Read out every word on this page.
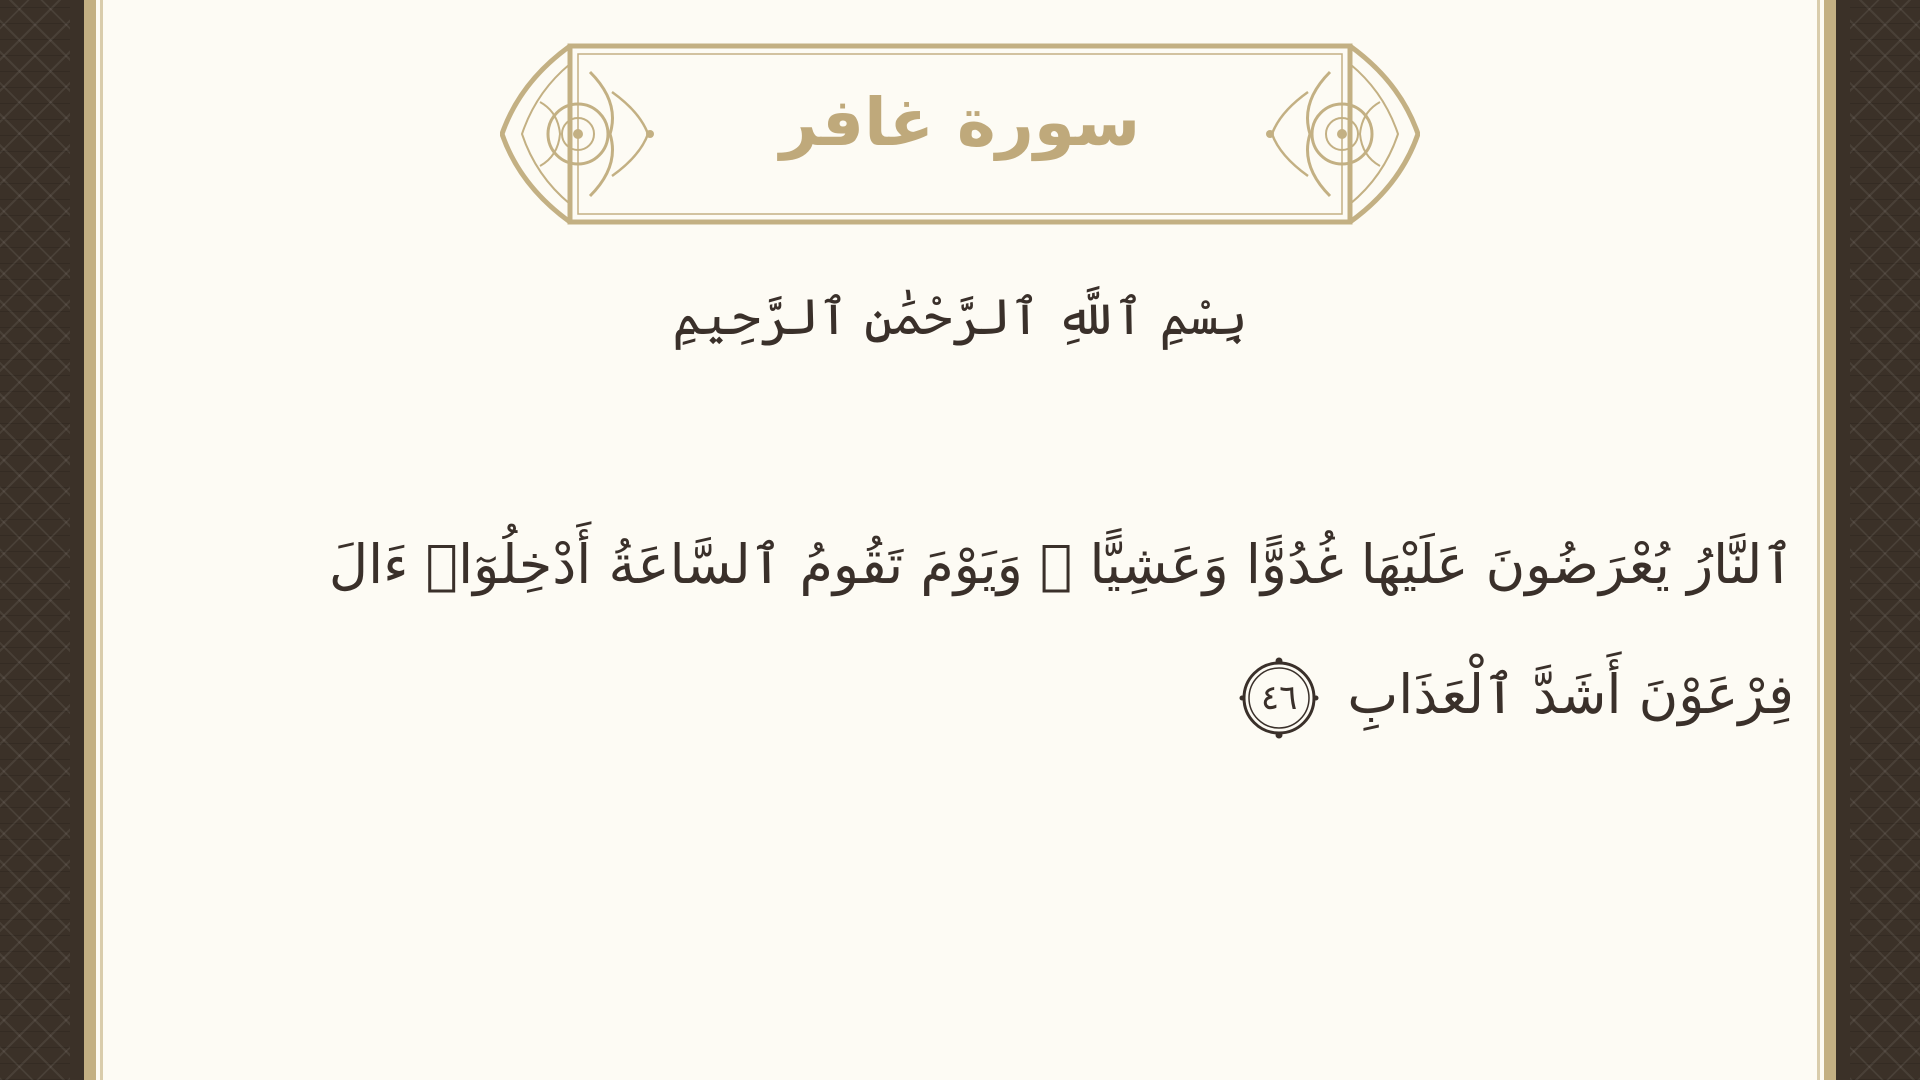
سورة غافر
بِسْمِ ٱللَّهِ ٱلرَّحْمَٰنِ ٱلرَّحِيمِ
ٱلنَّارُ يُعْرَضُونَ عَلَيْهَا غُدُوًّا وَعَشِيًّا ۖ وَيَوْمَ تَقُومُ ٱلسَّاعَةُ أَدْخِلُوٓا۟ ءَالَ فِرْعَوْنَ أَشَدَّ ٱلْعَذَابِ
٤٦
